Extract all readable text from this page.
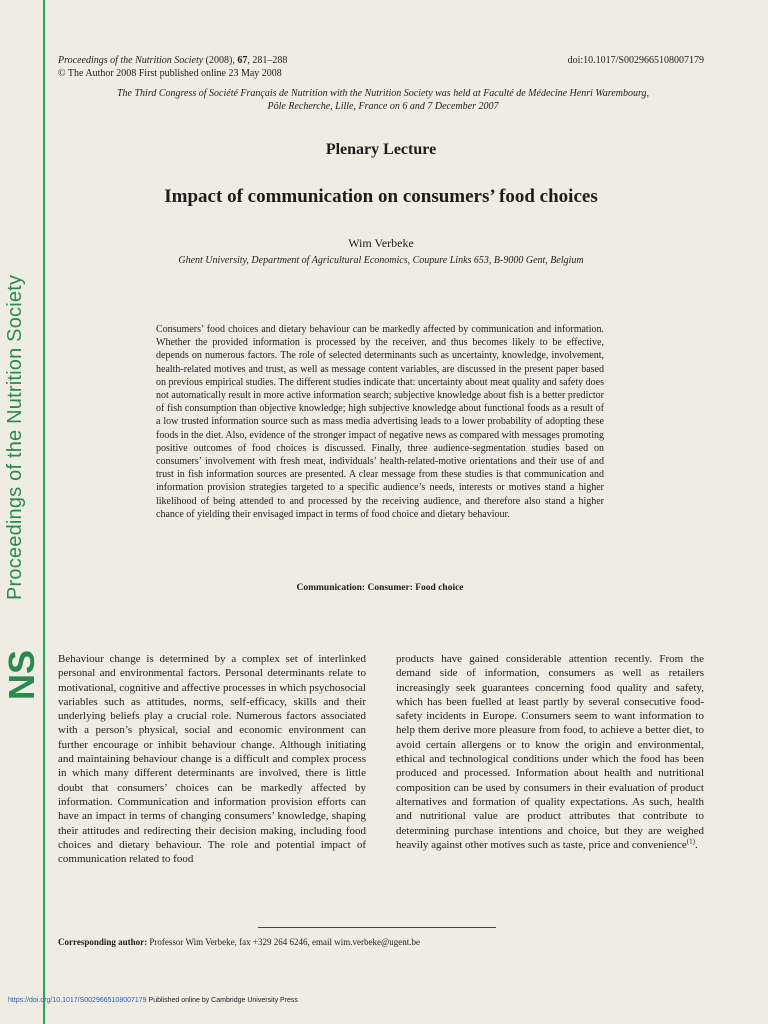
NS
Proceedings of the Nutrition Society
Proceedings of the Nutrition Society (2008), 67, 281–288
© The Author 2008 First published online 23 May 2008
doi:10.1017/S0029665108007179
The Third Congress of Société Français de Nutrition with the Nutrition Society was held at Faculté de Médecine Henri Warembourg,
Pôle Recherche, Lille, France on 6 and 7 December 2007
Plenary Lecture
Impact of communication on consumers’ food choices
Wim Verbeke
Ghent University, Department of Agricultural Economics, Coupure Links 653, B-9000 Gent, Belgium
Consumers’ food choices and dietary behaviour can be markedly affected by communication and information. Whether the provided information is processed by the receiver, and thus becomes likely to be effective, depends on numerous factors. The role of selected determinants such as uncertainty, knowledge, involvement, health-related motives and trust, as well as message content variables, are discussed in the present paper based on previous empirical studies. The different studies indicate that: uncertainty about meat quality and safety does not automatically result in more active information search; subjective knowledge about fish is a better predictor of fish consumption than objective knowledge; high subjective knowledge about functional foods as a result of a low trusted information source such as mass media advertising leads to a lower probability of adopting these foods in the diet. Also, evidence of the stronger impact of negative news as compared with messages promoting positive outcomes of food choices is discussed. Finally, three audience-segmentation studies based on consumers’ involvement with fresh meat, individuals’ health-related-motive orientations and their use of and trust in fish information sources are presented. A clear message from these studies is that communication and information provision strategies targeted to a specific audience’s needs, interests or motives stand a higher likelihood of being attended to and processed by the receiving audience, and therefore also stand a higher chance of yielding their envisaged impact in terms of food choice and dietary behaviour.
Communication: Consumer: Food choice
Behaviour change is determined by a complex set of interlinked personal and environmental factors. Personal determinants relate to motivational, cognitive and affective processes in which psychosocial variables such as attitudes, norms, self-efficacy, skills and their underlying beliefs play a crucial role. Numerous factors associated with a person’s physical, social and economic environment can further encourage or inhibit behaviour change. Although initiating and maintaining behaviour change is a difficult and complex process in which many different determinants are involved, there is little doubt that consumers’ choices can be markedly affected by information. Communication and information provision efforts can have an impact in terms of changing consumers’ knowledge, shaping their attitudes and redirecting their decision making, including food choices and dietary behaviour. The role and potential impact of communication related to food
products have gained considerable attention recently. From the demand side of information, consumers as well as retailers increasingly seek guarantees concerning food quality and safety, which has been fuelled at least partly by several consecutive food-safety incidents in Europe. Consumers seem to want information to help them derive more pleasure from food, to achieve a better diet, to avoid certain allergens or to know the origin and environmental, ethical and technological conditions under which the food has been produced and processed. Information about health and nutritional composition can be used by consumers in their evaluation of product alternatives and formation of quality expectations. As such, health and nutritional value are product attributes that contribute to determining purchase intentions and choice, but they are weighed heavily against other motives such as taste, price and convenience$^{(1)}$.
Corresponding author: Professor Wim Verbeke, fax +329 264 6246, email wim.verbeke@ugent.be
https://doi.org/10.1017/S0029665108007179 Published online by Cambridge University Press
